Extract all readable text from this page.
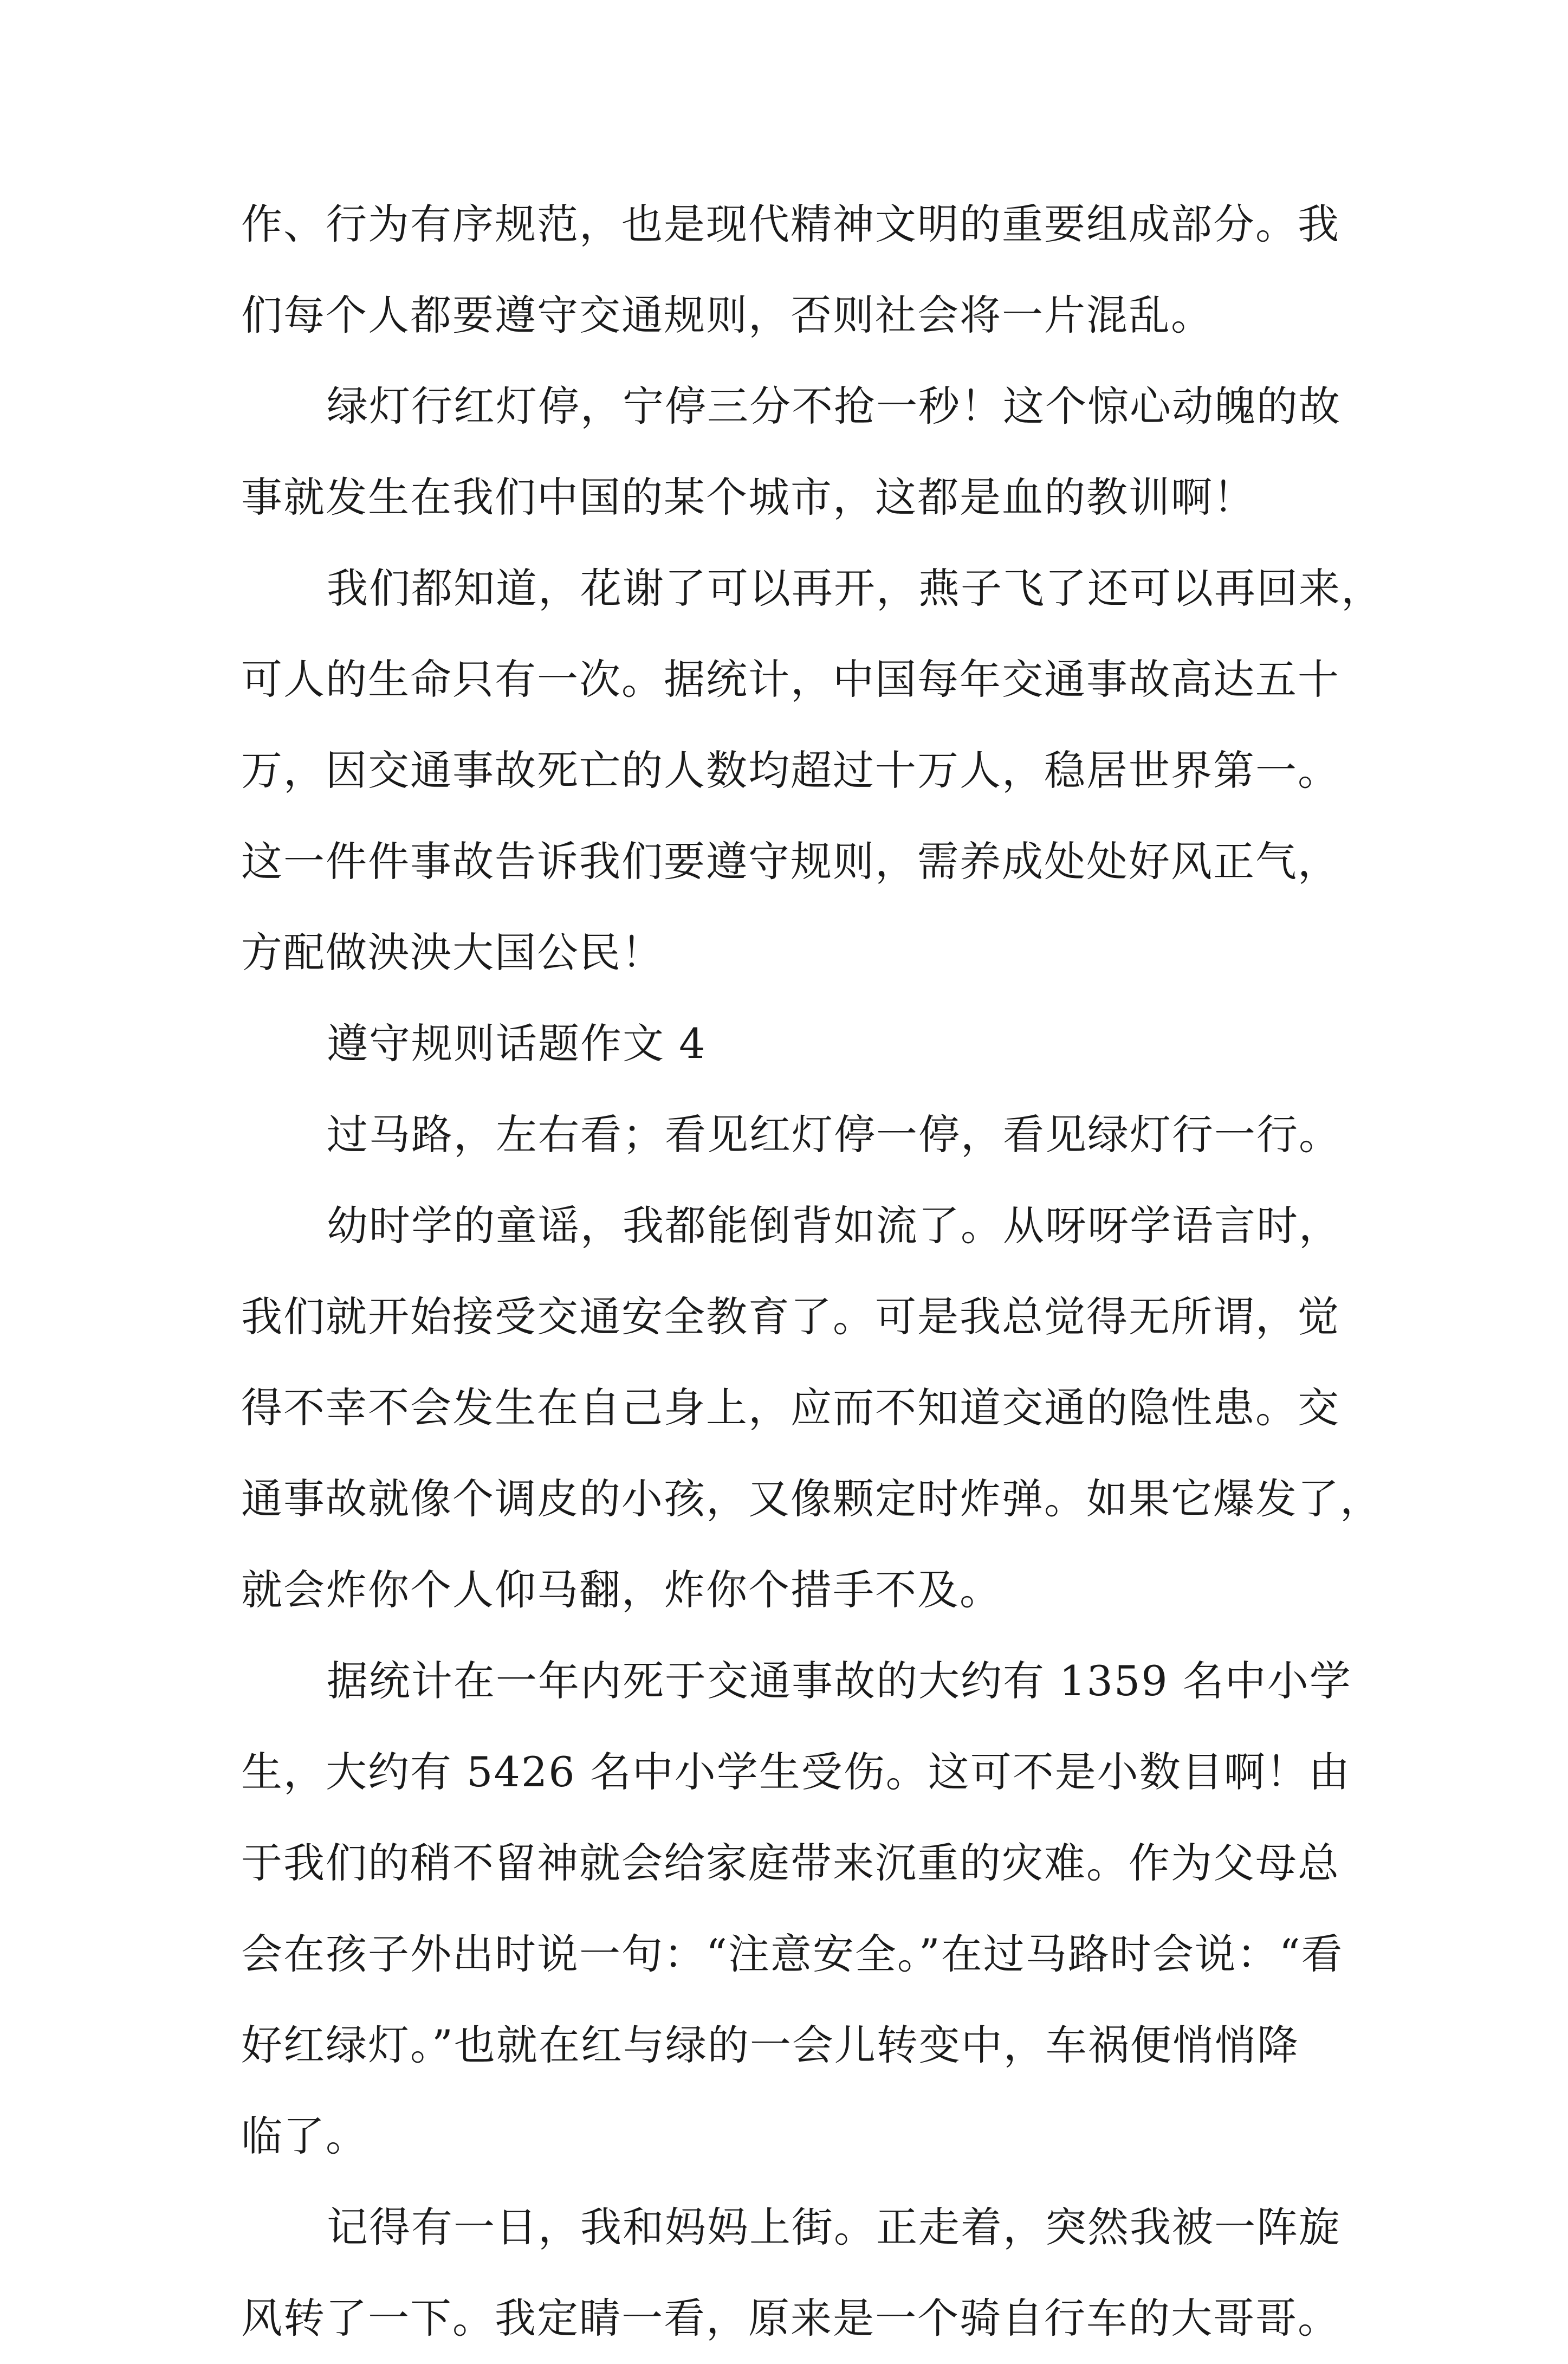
作、行为有序规范，也是现代精神文明的重要组成部分。我
们每个人都要遵守交通规则，否则社会将一片混乱。
绿灯行红灯停，宁停三分不抢一秒！这个惊心动魄的故
事就发生在我们中国的某个城市，这都是血的教训啊！
我们都知道，花谢了可以再开，燕子飞了还可以再回来，
可人的生命只有一次。据统计，中国每年交通事故高达五十
万，因交通事故死亡的人数均超过十万人，稳居世界第一。
这一件件事故告诉我们要遵守规则，需养成处处好风正气，
方配做泱泱大国公民！
遵守规则话题作文 4
过马路，左右看；看见红灯停一停，看见绿灯行一行。
幼时学的童谣，我都能倒背如流了。从呀呀学语言时，
我们就开始接受交通安全教育了。可是我总觉得无所谓，觉
得不幸不会发生在自己身上，应而不知道交通的隐性患。交
通事故就像个调皮的小孩，又像颗定时炸弹。如果它爆发了，
就会炸你个人仰马翻，炸你个措手不及。
据统计在一年内死于交通事故的大约有 1359 名中小学
生，大约有 5426 名中小学生受伤。这可不是小数目啊！由
于我们的稍不留神就会给家庭带来沉重的灾难。作为父母总
会在孩子外出时说一句：“注意安全。”在过马路时会说：“看
好红绿灯。”也就在红与绿的一会儿转变中，车祸便悄悄降
临了。
记得有一日，我和妈妈上街。正走着，突然我被一阵旋
风转了一下。我定睛一看，原来是一个骑自行车的大哥哥。
